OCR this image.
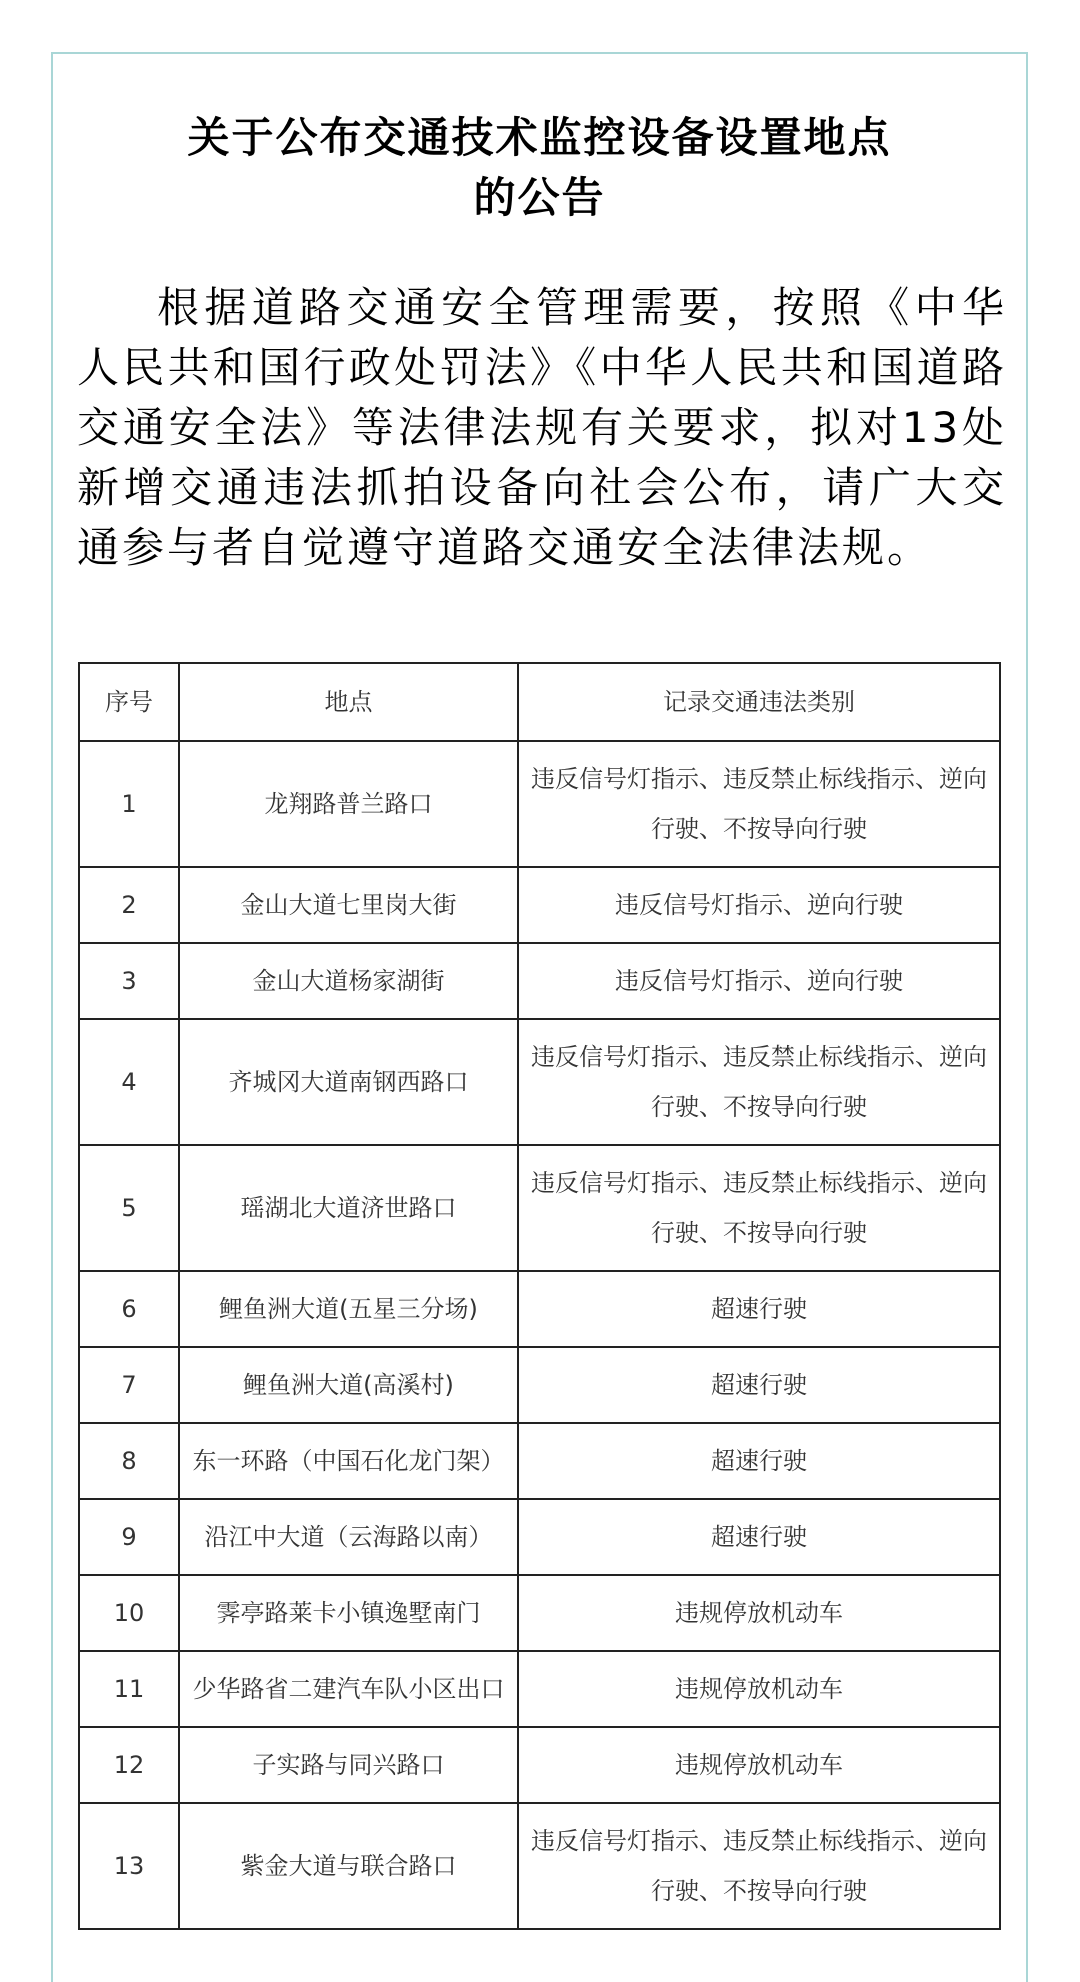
关于公布交通技术监控设备设置地点
的公告
根据道路交通安全管理需要，按照《中华人民共和国行政处罚法》《中华人民共和国道路交通安全法》等法律法规有关要求，拟对13处新增交通违法抓拍设备向社会公布，请广大交通参与者自觉遵守道路交通安全法律法规。
序号	地点	记录交通违法类别
1	龙翔路普兰路口	违反信号灯指示、违反禁止标线指示、逆向行驶、不按导向行驶
2	金山大道七里岗大街	违反信号灯指示、逆向行驶
3	金山大道杨家湖街	违反信号灯指示、逆向行驶
4	齐城冈大道南钢西路口	违反信号灯指示、违反禁止标线指示、逆向行驶、不按导向行驶
5	瑶湖北大道济世路口	违反信号灯指示、违反禁止标线指示、逆向行驶、不按导向行驶
6	鲤鱼洲大道(五星三分场)	超速行驶
7	鲤鱼洲大道(高溪村)	超速行驶
8	东一环路（中国石化龙门架）	超速行驶
9	沿江中大道（云海路以南）	超速行驶
10	霁亭路莱卡小镇逸墅南门	违规停放机动车
11	少华路省二建汽车队小区出口	违规停放机动车
12	子实路与同兴路口	违规停放机动车
13	紫金大道与联合路口	违反信号灯指示、违反禁止标线指示、逆向行驶、不按导向行驶
